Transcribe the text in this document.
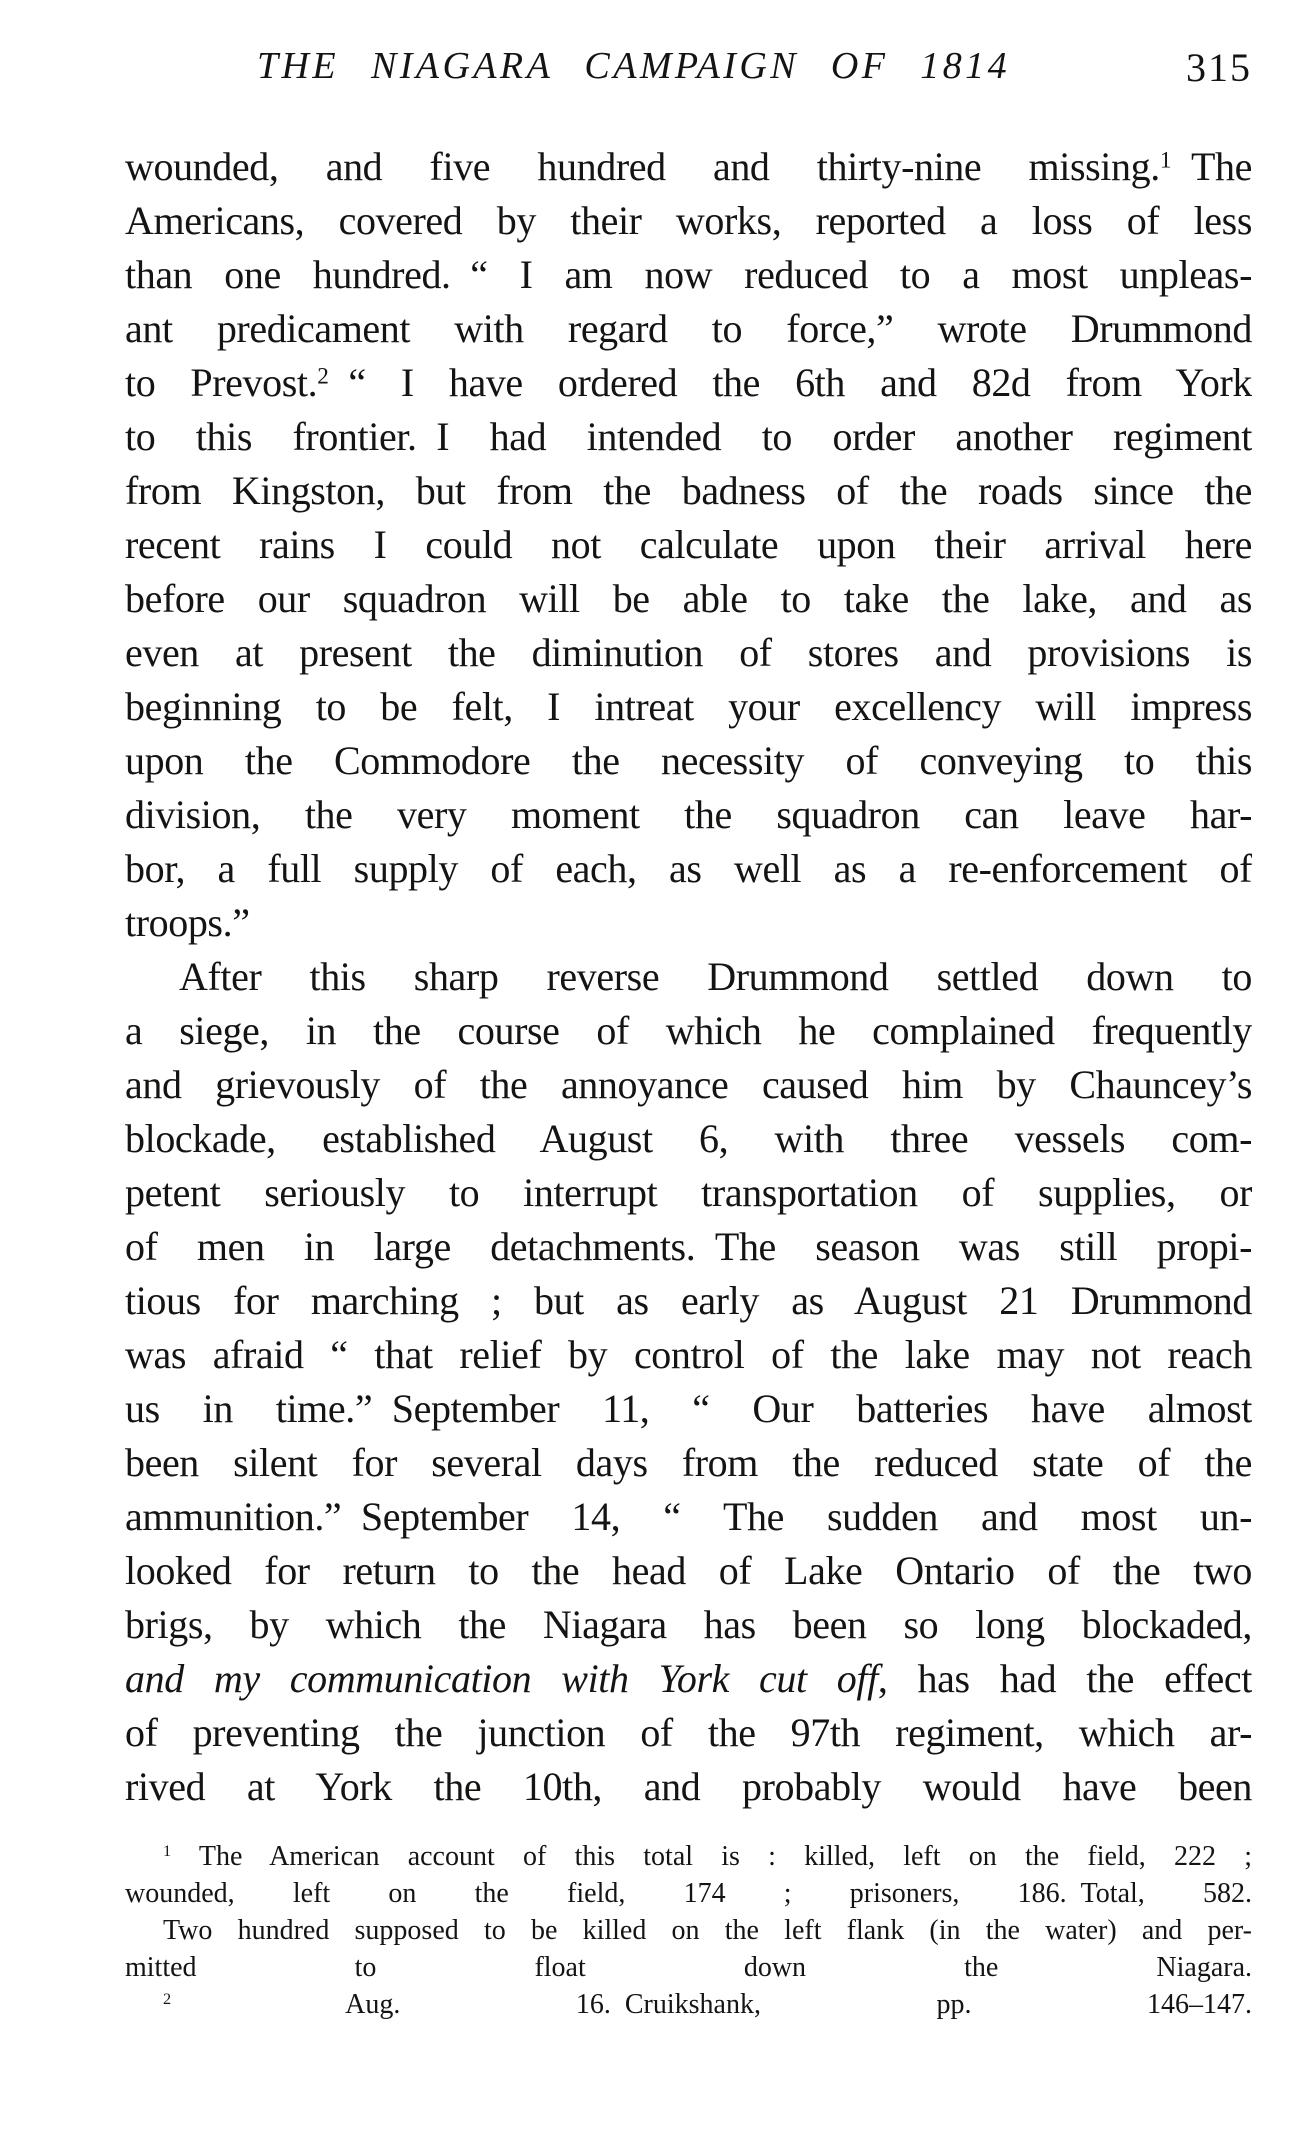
THE NIAGARA CAMPAIGN OF 1814	315
wounded, and five hundred and thirty-nine missing.$^1$ The
Americans, covered by their works, reported a loss of less
than one hundred. “ I am now reduced to a most unpleas-
ant predicament with regard to force,” wrote Drummond
to Prevost.$^2$ “ I have ordered the 6th and 82d from York
to this frontier. I had intended to order another regiment
from Kingston, but from the badness of the roads since the
recent rains I could not calculate upon their arrival here
before our squadron will be able to take the lake, and as
even at present the diminution of stores and provisions is
beginning to be felt, I intreat your excellency will impress
upon the Commodore the necessity of conveying to this
division, the very moment the squadron can leave har-
bor, a full supply of each, as well as a re-enforcement of
troops.”
After this sharp reverse Drummond settled down to
a siege, in the course of which he complained frequently
and grievously of the annoyance caused him by Chauncey’s
blockade, established August 6, with three vessels com-
petent seriously to interrupt transportation of supplies, or
of men in large detachments. The season was still propi-
tious for marching ; but as early as August 21 Drummond
was afraid “ that relief by control of the lake may not reach
us in time.” September 11, “ Our batteries have almost
been silent for several days from the reduced state of the
ammunition.” September 14, “ The sudden and most un-
looked for return to the head of Lake Ontario of the two
brigs, by which the Niagara has been so long blockaded,
and my communication with York cut off, has had the effect
of preventing the junction of the 97th regiment, which ar-
rived at York the 10th, and probably would have been
$^1$ The American account of this total is : killed, left on the field, 222 ;
wounded, left on the field, 174 ; prisoners, 186. Total, 582.
Two hundred supposed to be killed on the left flank (in the water) and per-
mitted to float down the Niagara.
$^2$ Aug. 16. Cruikshank, pp. 146–147.
